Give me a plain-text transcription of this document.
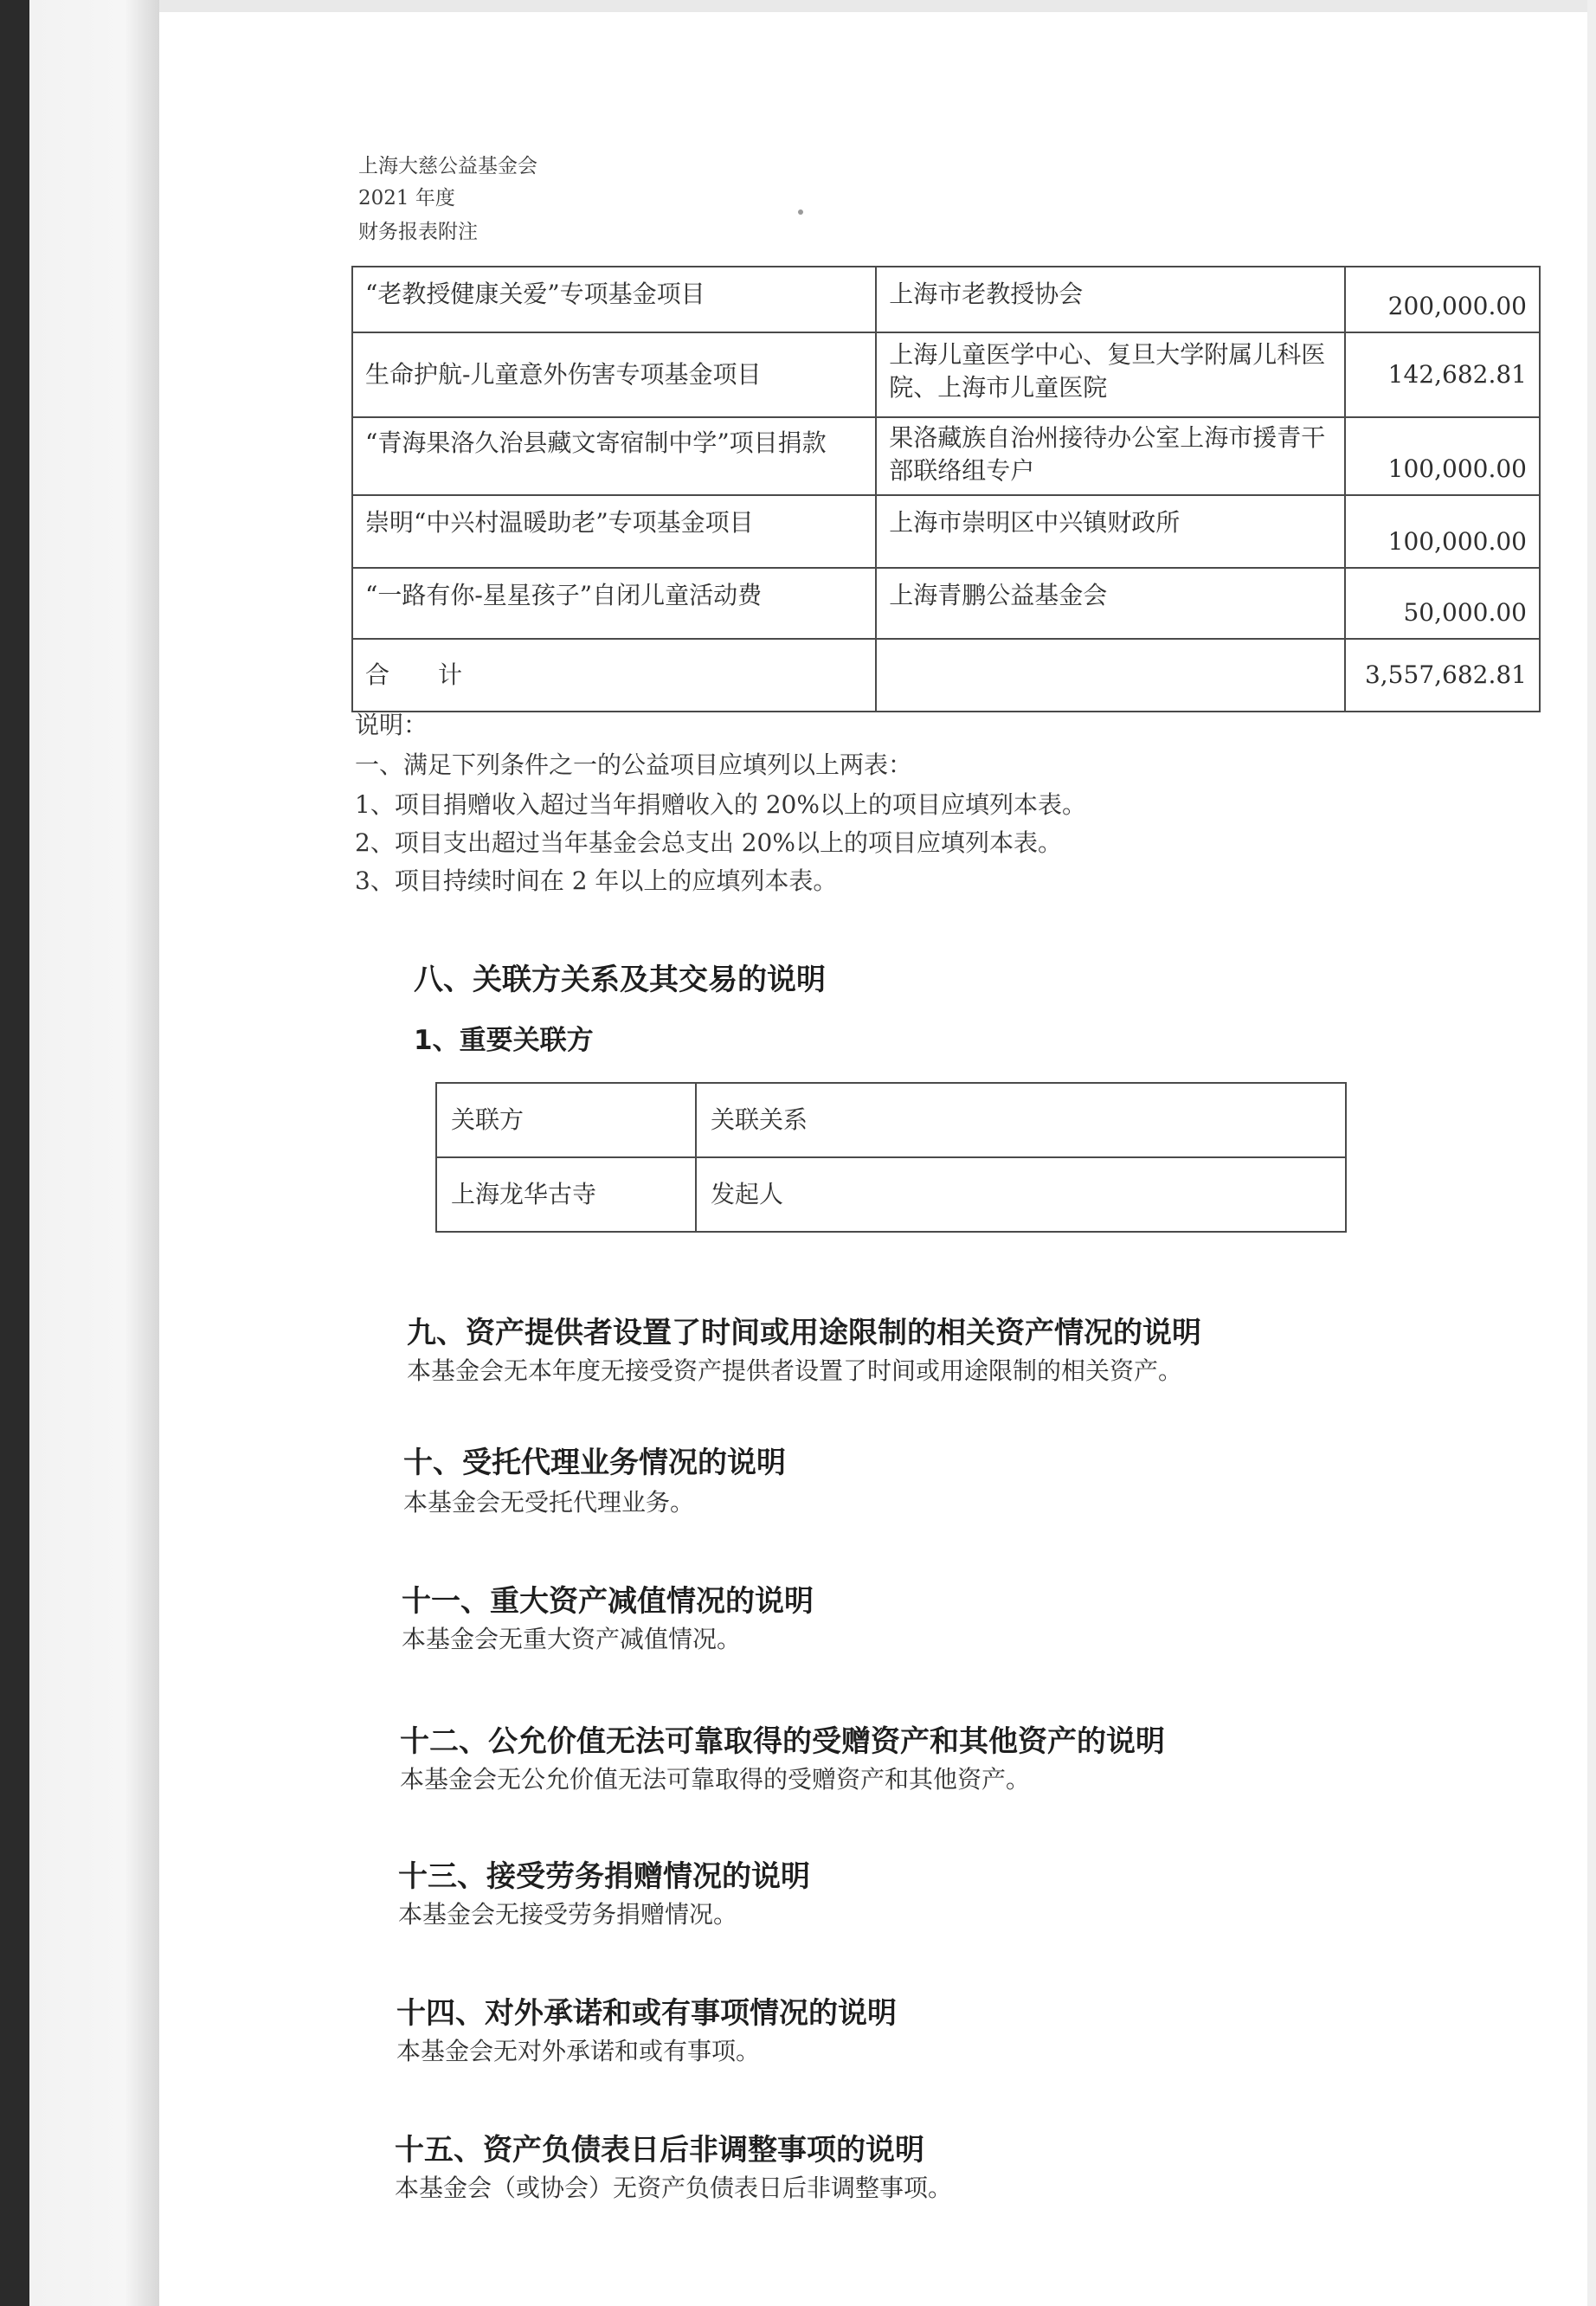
上海大慈公益基金会
2021 年度
财务报表附注
“老教授健康关爱”专项基金项目	上海市老教授协会	200,000.00
生命护航-儿童意外伤害专项基金项目	上海儿童医学中心、复旦大学附属儿科医院、上海市儿童医院	142,682.81
“青海果洛久治县藏文寄宿制中学”项目捐款	果洛藏族自治州接待办公室上海市援青干部联络组专户	100,000.00
崇明“中兴村温暖助老”专项基金项目	上海市崇明区中兴镇财政所	100,000.00
“一路有你-星星孩子”自闭儿童活动费	上海青鹏公益基金会	50,000.00
合　　计		3,557,682.81
说明：
一、满足下列条件之一的公益项目应填列以上两表：
1、项目捐赠收入超过当年捐赠收入的 20%以上的项目应填列本表。
2、项目支出超过当年基金会总支出 20%以上的项目应填列本表。
3、项目持续时间在 2 年以上的应填列本表。
八、关联方关系及其交易的说明
1、重要关联方
关联方	关联关系
上海龙华古寺	发起人
九、资产提供者设置了时间或用途限制的相关资产情况的说明
本基金会无本年度无接受资产提供者设置了时间或用途限制的相关资产。
十、受托代理业务情况的说明
本基金会无受托代理业务。
十一、重大资产减值情况的说明
本基金会无重大资产减值情况。
十二、公允价值无法可靠取得的受赠资产和其他资产的说明
本基金会无公允价值无法可靠取得的受赠资产和其他资产。
十三、接受劳务捐赠情况的说明
本基金会无接受劳务捐赠情况。
十四、对外承诺和或有事项情况的说明
本基金会无对外承诺和或有事项。
十五、资产负债表日后非调整事项的说明
本基金会（或协会）无资产负债表日后非调整事项。
